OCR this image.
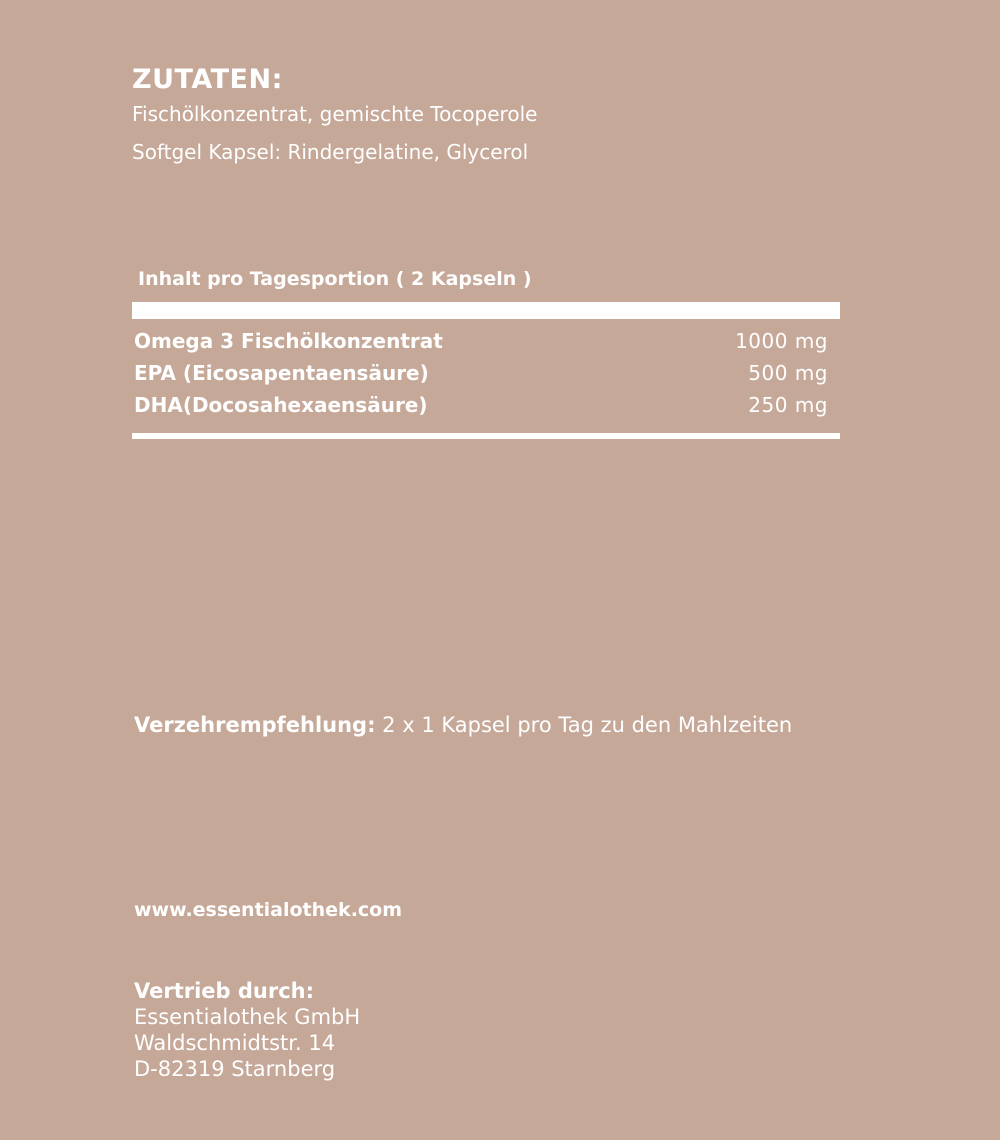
ZUTATEN:

Fischölkonzentrat, gemischte Tocoperole

Softgel Kapsel: Rindergelatine, Glycerol

Inhalt pro Tagesportion ( 2 Kapseln )

Omega 3 Fischölkonzentrat	1000 mg
EPA (Eicosapentaensäure)	500 mg
DHA(Docosahexaensäure)	250 mg

Verzehrempfehlung: 2 x 1 Kapsel pro Tag zu den Mahlzeiten

www.essentialothek.com

Vertrieb durch:
Essentialothek GmbH
Waldschmidtstr. 14
D-82319 Starnberg
